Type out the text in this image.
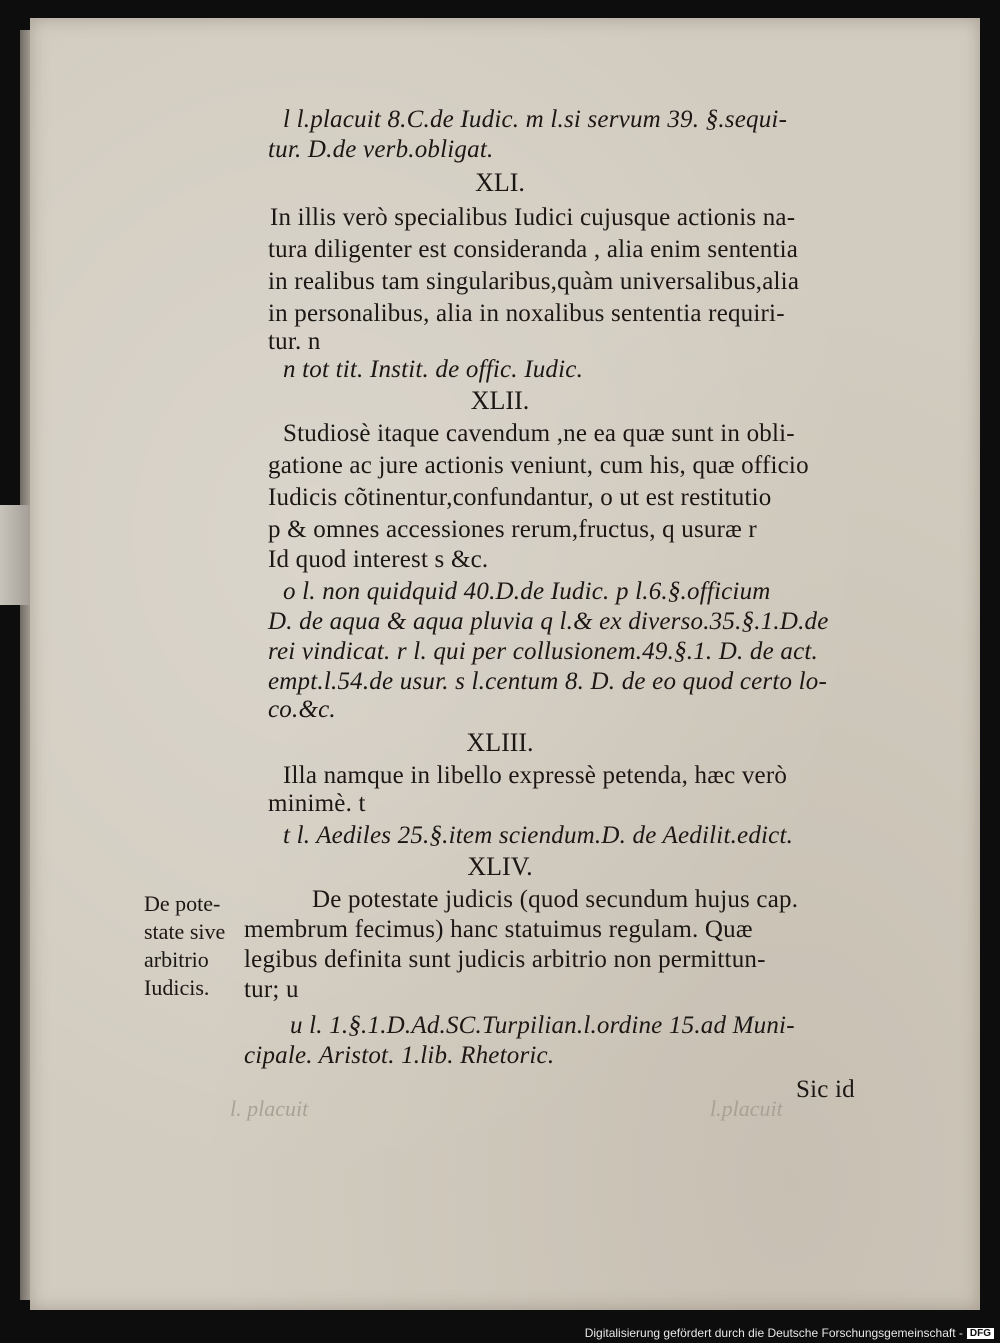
l l.placuit 8.C.de Iudic. m l.si servum 39. §.sequi-
tur. D.de verb.obligat.
XLI.
In illis verò specialibus Iudici cujusque actionis na-
tura diligenter est consideranda , alia enim sententia
in realibus tam singularibus,quàm universalibus,alia
in personalibus, alia in noxalibus sententia requiri-
tur. n
n tot tit. Instit. de offic. Iudic.
XLII.
Studiosè itaque cavendum ,ne ea quæ sunt in obli-
gatione ac jure actionis veniunt, cum his, quæ officio
Iudicis cõtinentur,confundantur, o ut est restitutio
p & omnes accessiones rerum,fructus, q usuræ r
Id quod interest s &c.
o l. non quidquid 40.D.de Iudic. p l.6.§.officium
D. de aqua & aqua pluvia q l.& ex diverso.35.§.1.D.de
rei vindicat. r l. qui per collusionem.49.§.1. D. de act.
empt.l.54.de usur. s l.centum 8. D. de eo quod certo lo-
co.&c.
XLIII.
Illa namque in libello expressè petenda, hæc verò
minimè. t
t l. Aediles 25.§.item sciendum.D. de Aedilit.edict.
XLIV.
De potestate judicis (quod secundum hujus cap.
membrum fecimus) hanc statuimus regulam. Quæ
legibus definita sunt judicis arbitrio non permittun-
tur; u
u l. 1.§.1.D.Ad.SC.Turpilian.l.ordine 15.ad Muni-
cipale. Aristot. 1.lib. Rhetoric.
De pote-
state sive
arbitrio
Iudicis.
Sic id
l. placuit	l.placuit
Digitalisierung gefördert durch die Deutsche Forschungsgemeinschaft - DFG
